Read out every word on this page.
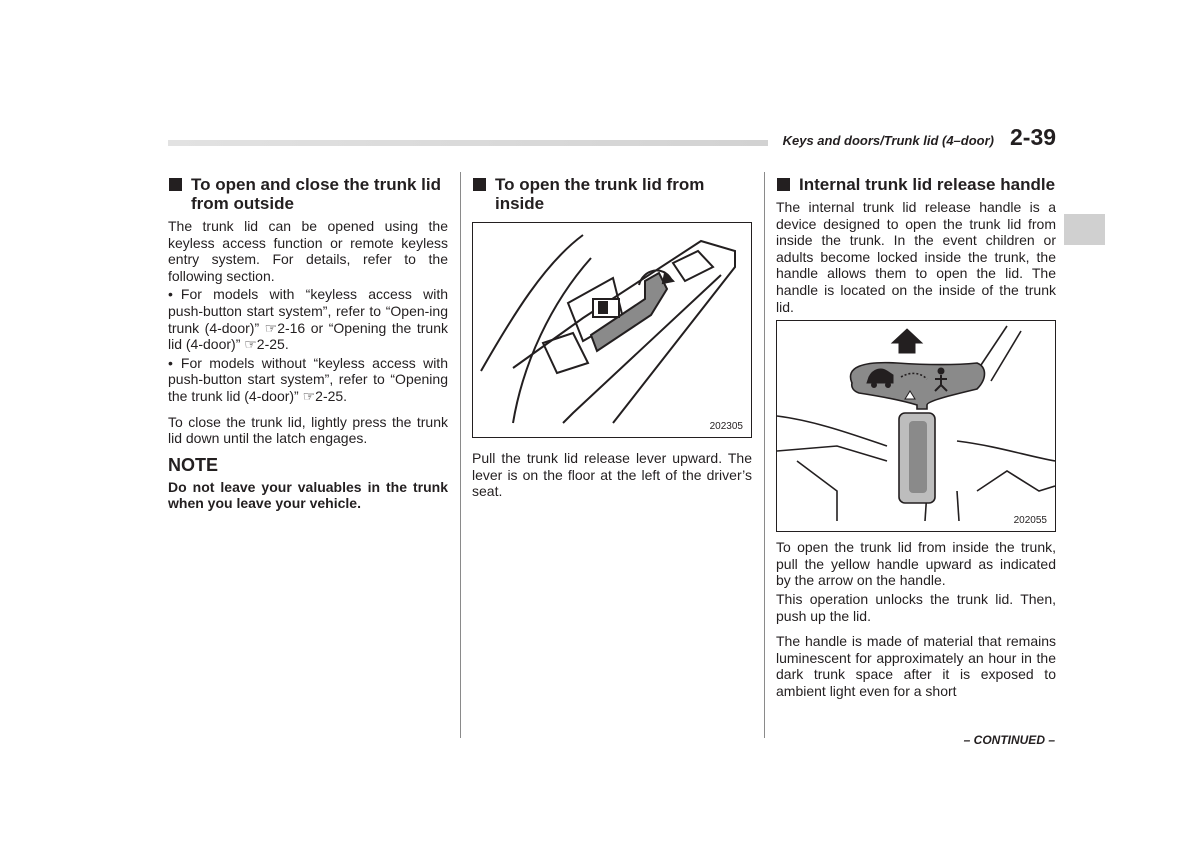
Keys and doors/Trunk lid (4–door) 2-39
To open and close the trunk lid from outside

The trunk lid can be opened using the keyless access function or remote keyless entry system. For details, refer to the following section.

• For models with “keyless access with push-button start system”, refer to “Open-ing trunk (4-door)” ☞2-16 or “Opening the trunk lid (4-door)” ☞2-25.

• For models without “keyless access with push-button start system”, refer to “Opening the trunk lid (4-door)” ☞2-25.

To close the trunk lid, lightly press the trunk lid down until the latch engages.

NOTE

Do not leave your valuables in the trunk when you leave your vehicle.

To open the trunk lid from inside
202305

Pull the trunk lid release lever upward. The lever is on the floor at the left of the driver’s seat.

Internal trunk lid release handle

The internal trunk lid release handle is a device designed to open the trunk lid from inside the trunk. In the event children or adults become locked inside the trunk, the handle allows them to open the lid. The handle is located on the inside of the trunk lid.

202055

To open the trunk lid from inside the trunk, pull the yellow handle upward as indicated by the arrow on the handle.

This operation unlocks the trunk lid. Then, push up the lid.

The handle is made of material that remains luminescent for approximately an hour in the dark trunk space after it is exposed to ambient light even for a short

– CONTINUED –
